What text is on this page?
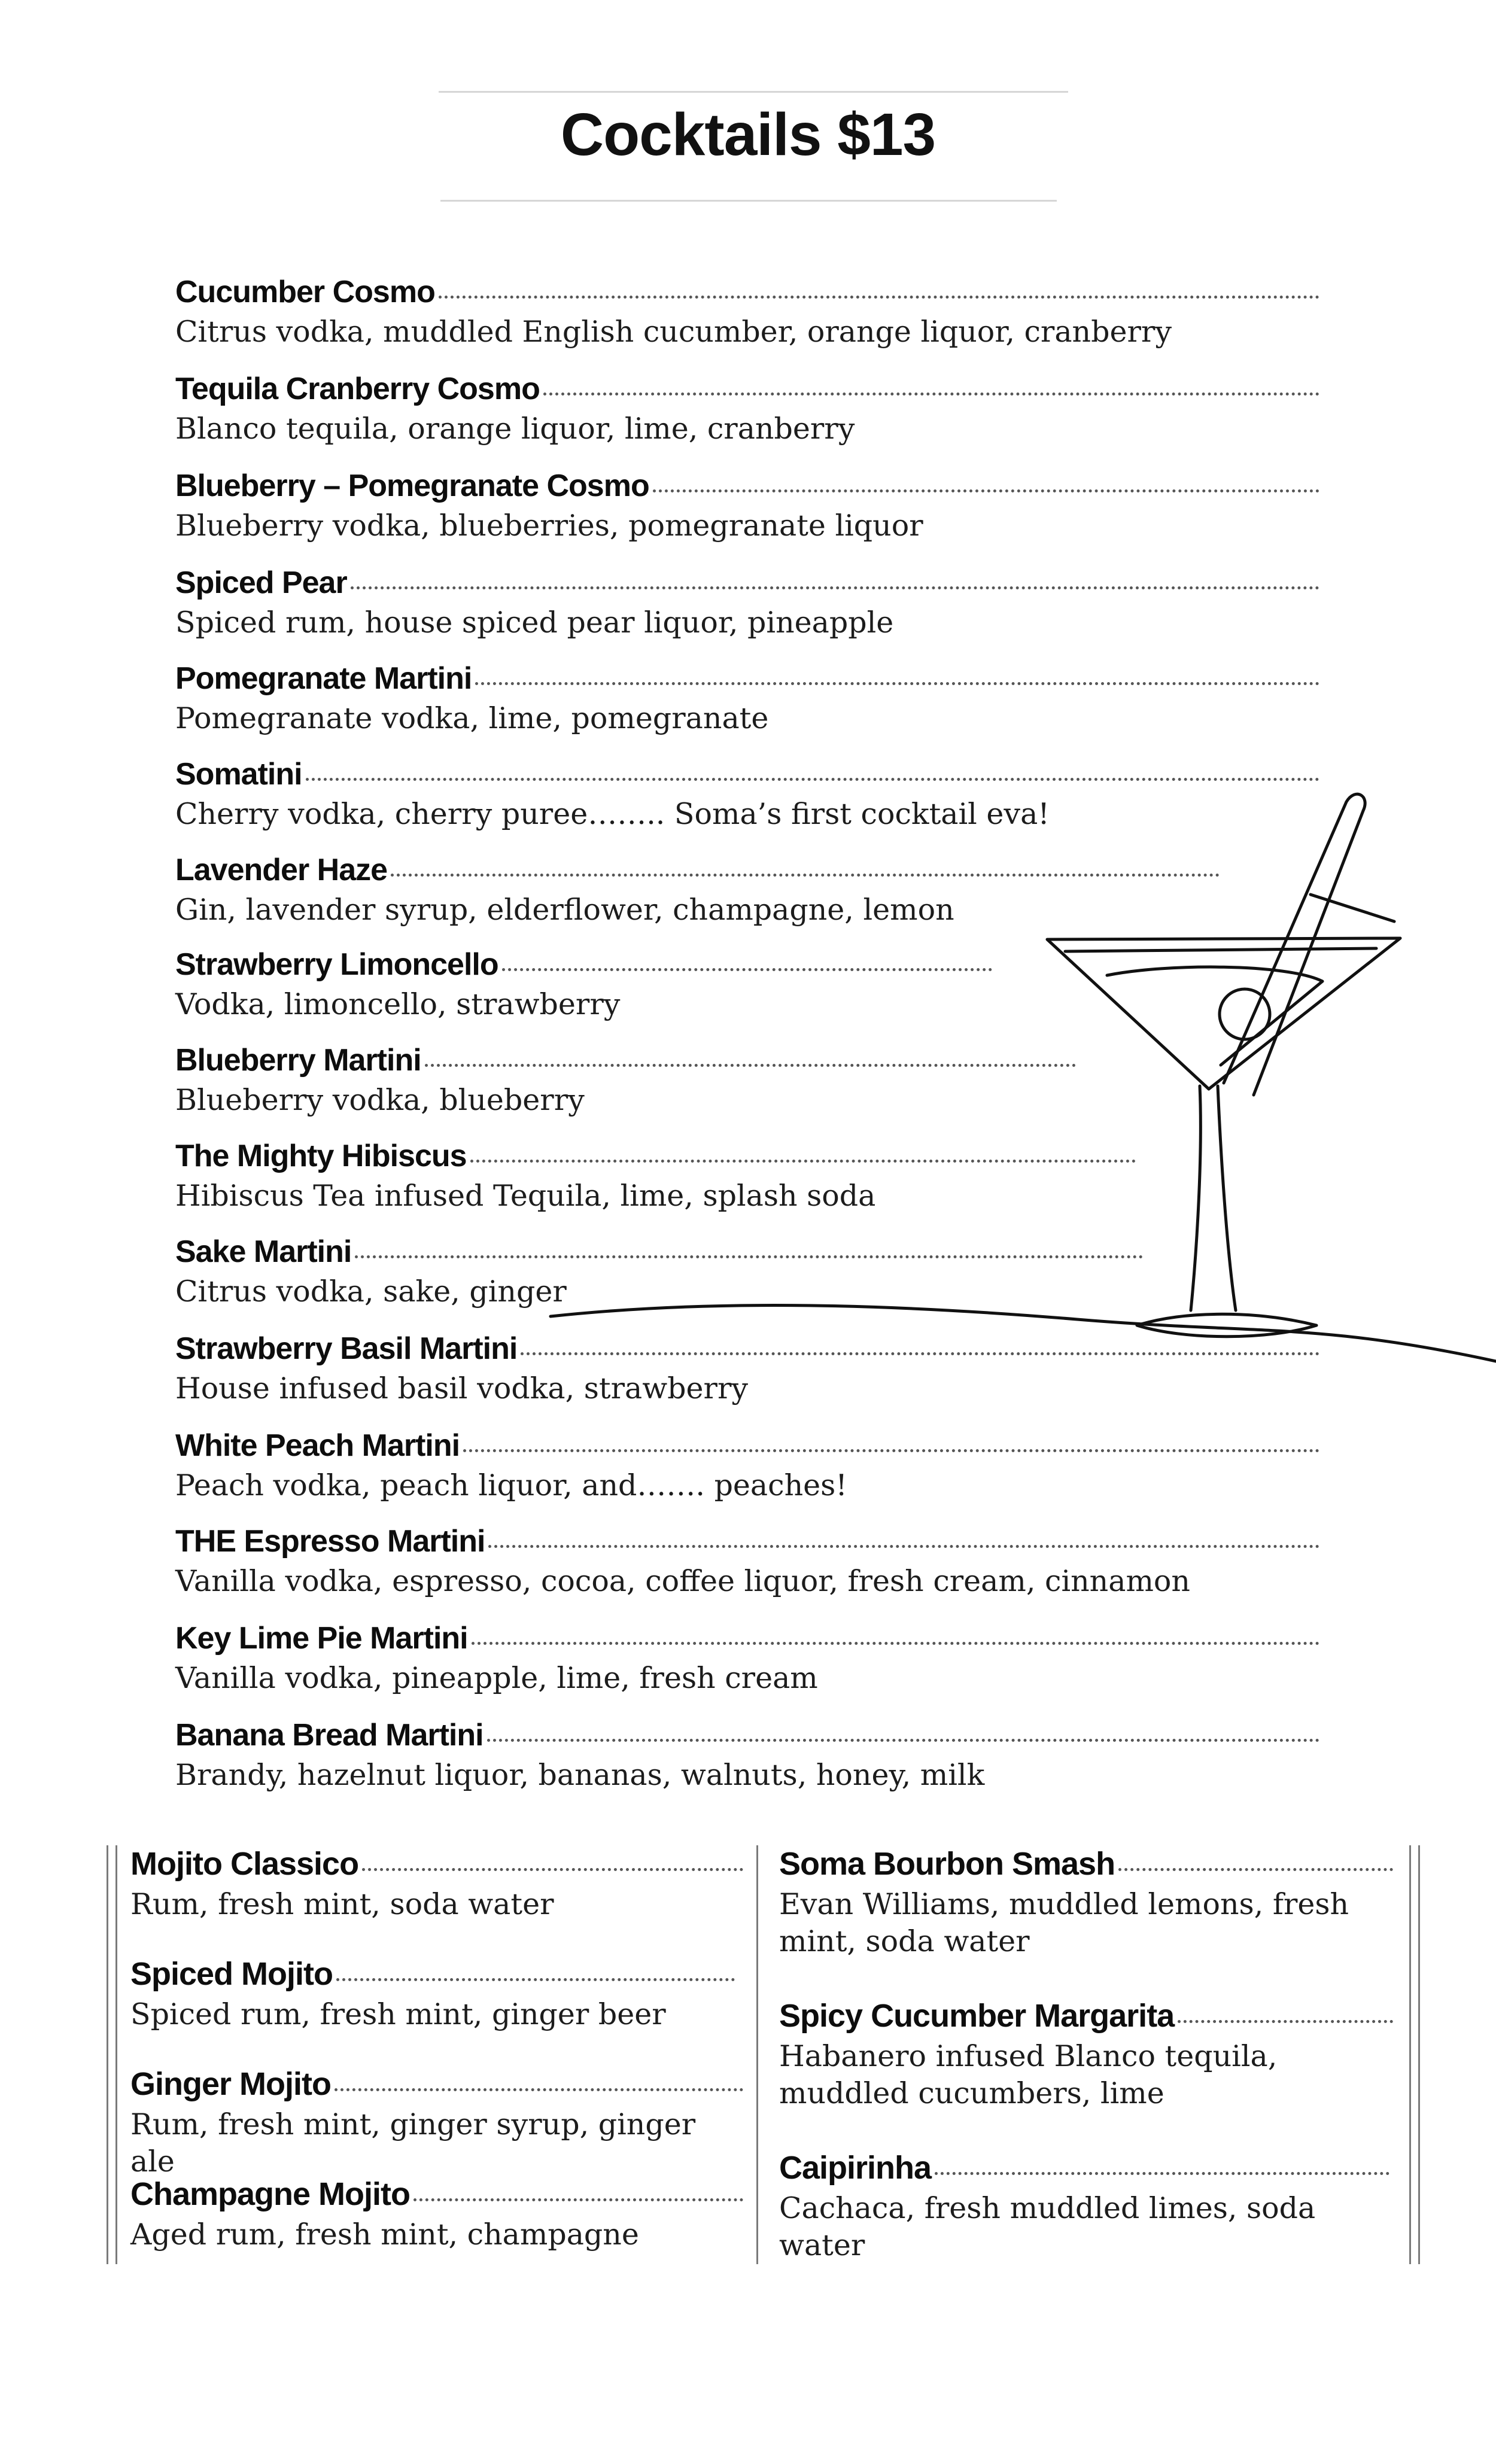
Cocktails $13
Cucumber Cosmo
Citrus vodka, muddled English cucumber, orange liquor, cranberry
Tequila Cranberry Cosmo
Blanco tequila, orange liquor, lime, cranberry
Blueberry – Pomegranate Cosmo
Blueberry vodka, blueberries, pomegranate liquor
Spiced Pear
Spiced rum, house spiced pear liquor, pineapple
Pomegranate Martini
Pomegranate vodka, lime, pomegranate
Somatini
Cherry vodka, cherry puree…….. Soma’s first cocktail eva!
Lavender Haze
Gin, lavender syrup, elderflower, champagne, lemon
Strawberry Limoncello
Vodka, limoncello, strawberry
Blueberry Martini
Blueberry vodka, blueberry
The Mighty Hibiscus
Hibiscus Tea infused Tequila, lime, splash soda
Sake Martini
Citrus vodka, sake, ginger
Strawberry Basil Martini
House infused basil vodka, strawberry
White Peach Martini
Peach vodka, peach liquor, and……. peaches!
THE Espresso Martini
Vanilla vodka, espresso, cocoa, coffee liquor, fresh cream, cinnamon
Key Lime Pie Martini
Vanilla vodka, pineapple, lime, fresh cream
Banana Bread Martini
Brandy, hazelnut liquor, bananas, walnuts, honey, milk
Mojito Classico
Rum, fresh mint, soda water
Spiced Mojito
Spiced rum, fresh mint, ginger beer
Ginger Mojito
Rum, fresh mint, ginger syrup, ginger ale
Champagne Mojito
Aged rum, fresh mint, champagne
Soma Bourbon Smash
Evan Williams, muddled lemons, fresh mint, soda water
Spicy Cucumber Margarita
Habanero infused Blanco tequila, muddled cucumbers, lime
Caipirinha
Cachaca, fresh muddled limes, soda water
